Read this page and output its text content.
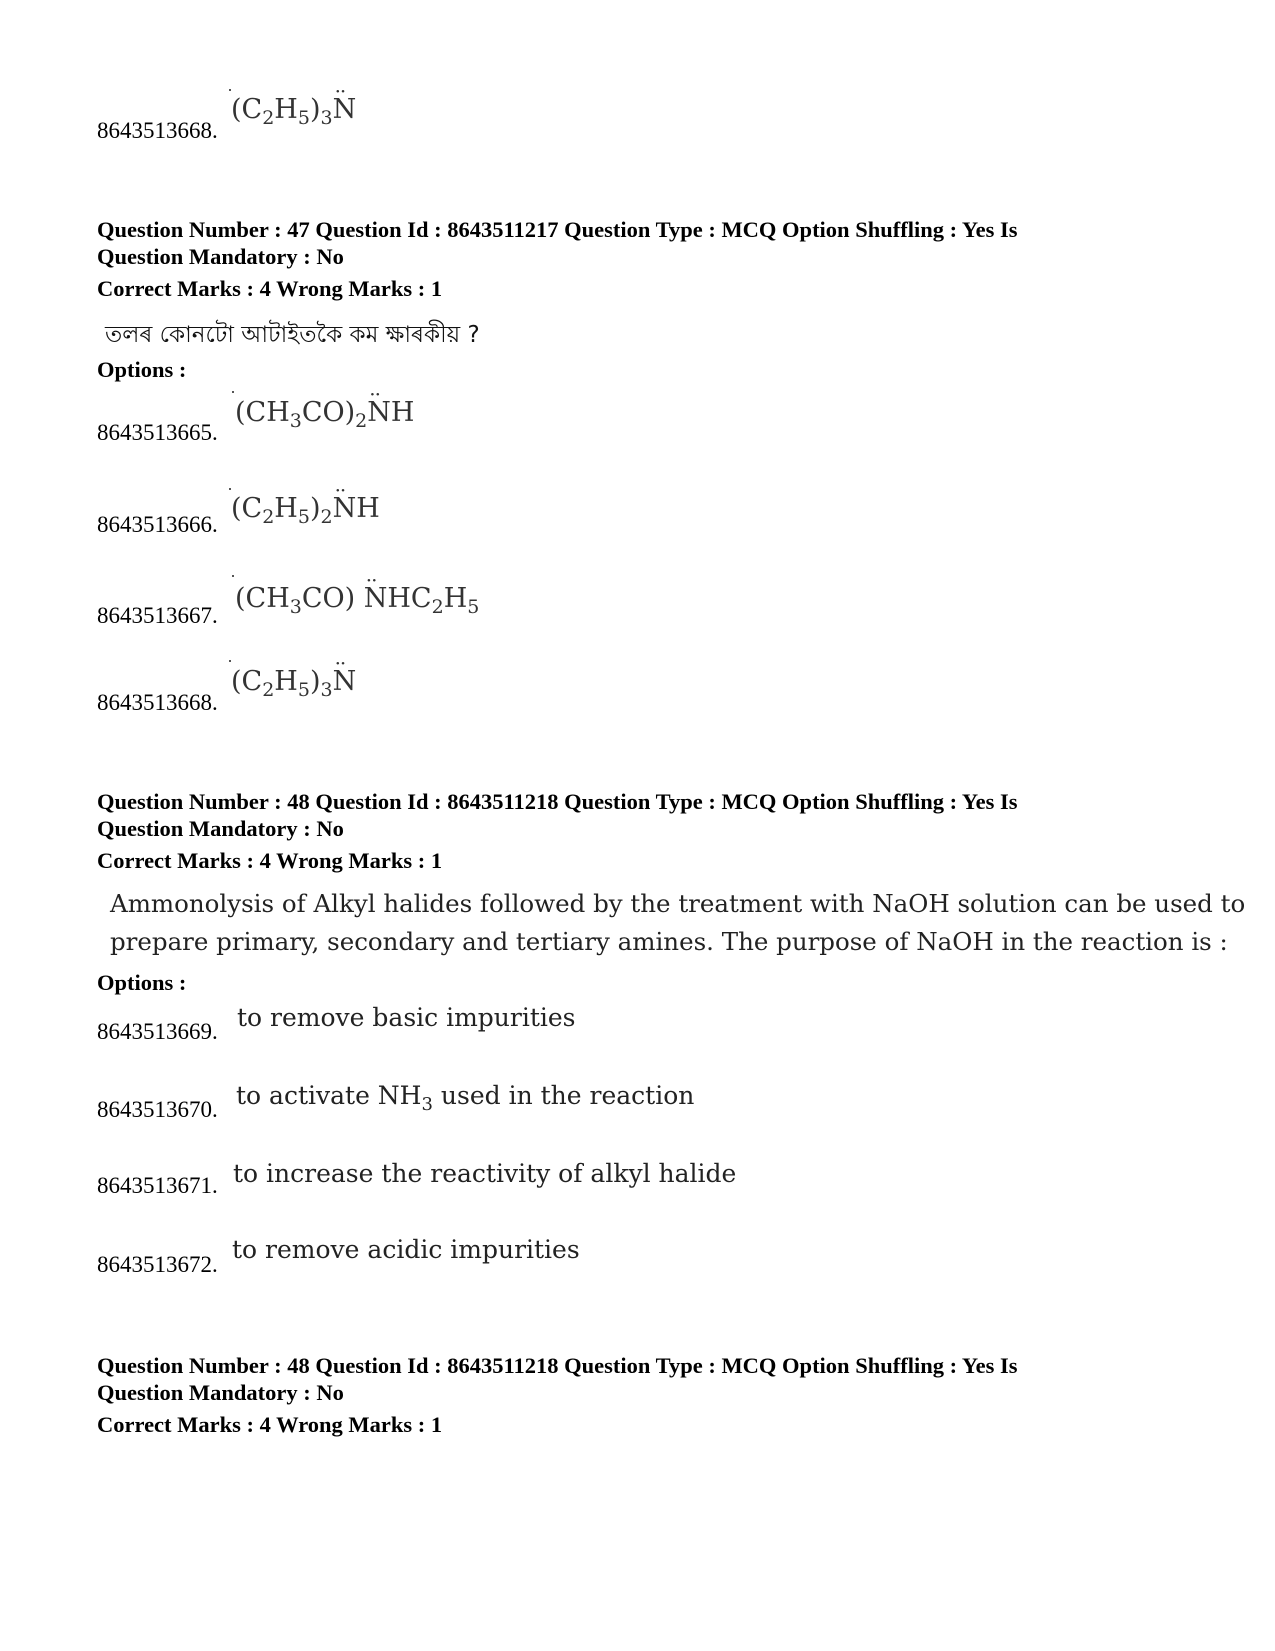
8643513668.
$(C_2H_5)_3\cdot\cdot N$
Question Number : 47 Question Id : 8643511217 Question Type : MCQ Option Shuffling : Yes Is
Question Mandatory : No
Correct Marks : 4 Wrong Marks : 1
তলৰ কোনটো আটাইতকৈ কম ক্ষাৰকীয় ?
Options :
8643513665.
$(CH_3CO)_2\cdot\cdot$ NH
8643513666.
$(C_2H_5)_2\cdot\cdot$ NH
8643513667.
$(CH_3CO) \cdot\cdot NHC_2H_5$
8643513668.
$(C_2H_5)_3\cdot\cdot N$
Question Number : 48 Question Id : 8643511218 Question Type : MCQ Option Shuffling : Yes Is
Question Mandatory : No
Correct Marks : 4 Wrong Marks : 1
Ammonolysis of Alkyl halides followed by the treatment with NaOH solution can be used to
prepare primary, secondary and tertiary amines. The purpose of NaOH in the reaction is :
Options :
8643513669. to remove basic impurities
8643513670. to activate $NH_3$ used in the reaction
8643513671. to increase the reactivity of alkyl halide
8643513672.
to remove acidic impurities
Question Number : 48 Question Id : 8643511218 Question Type : MCQ Option Shuffling : Yes Is
Question Mandatory : No
Correct Marks : 4 Wrong Marks : 1
